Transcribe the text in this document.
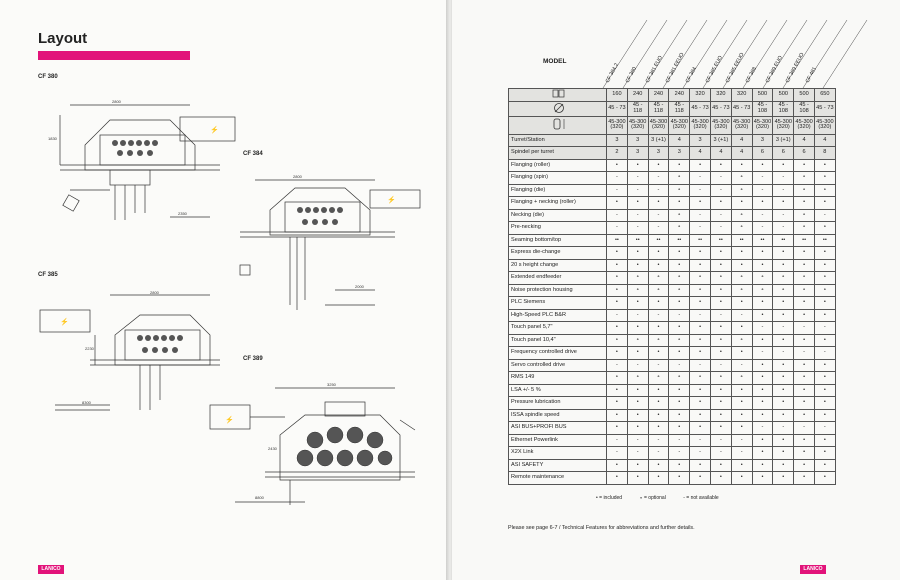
Layout
CF 380
CF 384
CF 385
CF 389
⚡
2800
1830
2350
⚡
2800
2000
⚡
2800
2230
8300
⚡
3250
2430
8800
LANICO
CF 384.2 CF 380 CF 381 EUO CF 381 EEUO CF 384 CF 385 EUO CF 385 EEUO CF 388 CF 389 EUO CF 389 EEUO CF 481
MODEL
	160	240	240	240	320	320	320	500	500	500	650
	45 - 73	45 - 118	45 - 118	45 - 118	45 - 73	45 - 73	45 - 73	45 - 108	45 - 108	45 - 108	45 - 73
	45-300 (320)	45-300 (320)	45-300 (320)	45-300 (320)	45-300 (320)	45-300 (320)	45-300 (320)	45-300 (320)	45-300 (320)	45-300 (320)	45-300 (320)
Turret/Station	3	3	3 (+1)	4	3	3 (+1)	4	3	3 (+1)	4	4
Spindel per turret	2	3	3	3	4	4	4	6	6	6	8
Flanging (roller)	•	•	•	•	•	•	•	•	•	•	•
Flanging (spin)	-	-	-	∘	-	-	∘	-	-	∘	∘
Flanging (die)	-	-	-	∘	-	-	∘	-	-	∘	∘
Flanging + necking (roller)	•	•	•	•	•	•	•	•	•	•	•
Necking (die)	-	-	-	∘	-	-	∘	-	-	∘	-
Pre-necking	-	-	-	∘	-	-	∘	-	-	∘	∘
Seaming bottom/top	••	••	••	••	••	••	••	••	••	••	••
Express die-change	•	•	•	•	•	•	•	•	•	•	•
20 s height change	•	•	•	•	•	•	•	•	•	•	•
Extended endfeeder	∘	∘	∘	∘	∘	∘	∘	∘	∘	∘	∘
Noise protection housing	∘	∘	∘	∘	∘	∘	∘	∘	∘	∘	∘
PLC Siemens	•	•	•	•	•	•	•	•	•	•	•
High-Speed PLC B&R	-	-	-	-	-	-	-	•	•	•	•
Touch panel 5,7"	•	•	•	•	•	•	•	-	-	-	-
Touch panel 10,4"	∘	∘	∘	∘	∘	∘	∘	•	•	•	•
Frequency controlled drive	•	•	•	•	•	•	•	-	-	-	-
Servo controlled drive	-	-	-	-	-	-	-	•	•	•	•
RMS 149	∘	∘	∘	∘	∘	∘	∘	•	•	•	•
LSA +/- 5 %	•	•	•	•	•	•	•	•	•	•	•
Pressure lubrication	•	•	•	•	•	•	•	•	•	•	•
ISSA spindle speed	•	•	•	•	•	•	•	•	•	•	•
ASI BUS+PROFI BUS	•	•	•	•	•	•	•	-	-	-	-
Ethernet Powerlink	-	-	-	-	-	-	-	•	•	•	•
X2X Link	-	-	-	-	-	-	-	•	•	•	•
ASI SAFETY	•	•	•	•	•	•	•	•	•	•	•
Remote maintenance	•	•	•	•	•	•	•	•	•	•	•
• = included	∘ = optional	- = not available
Please see page 6-7 / Technical Features for abbreviations and further details.
LANICO
